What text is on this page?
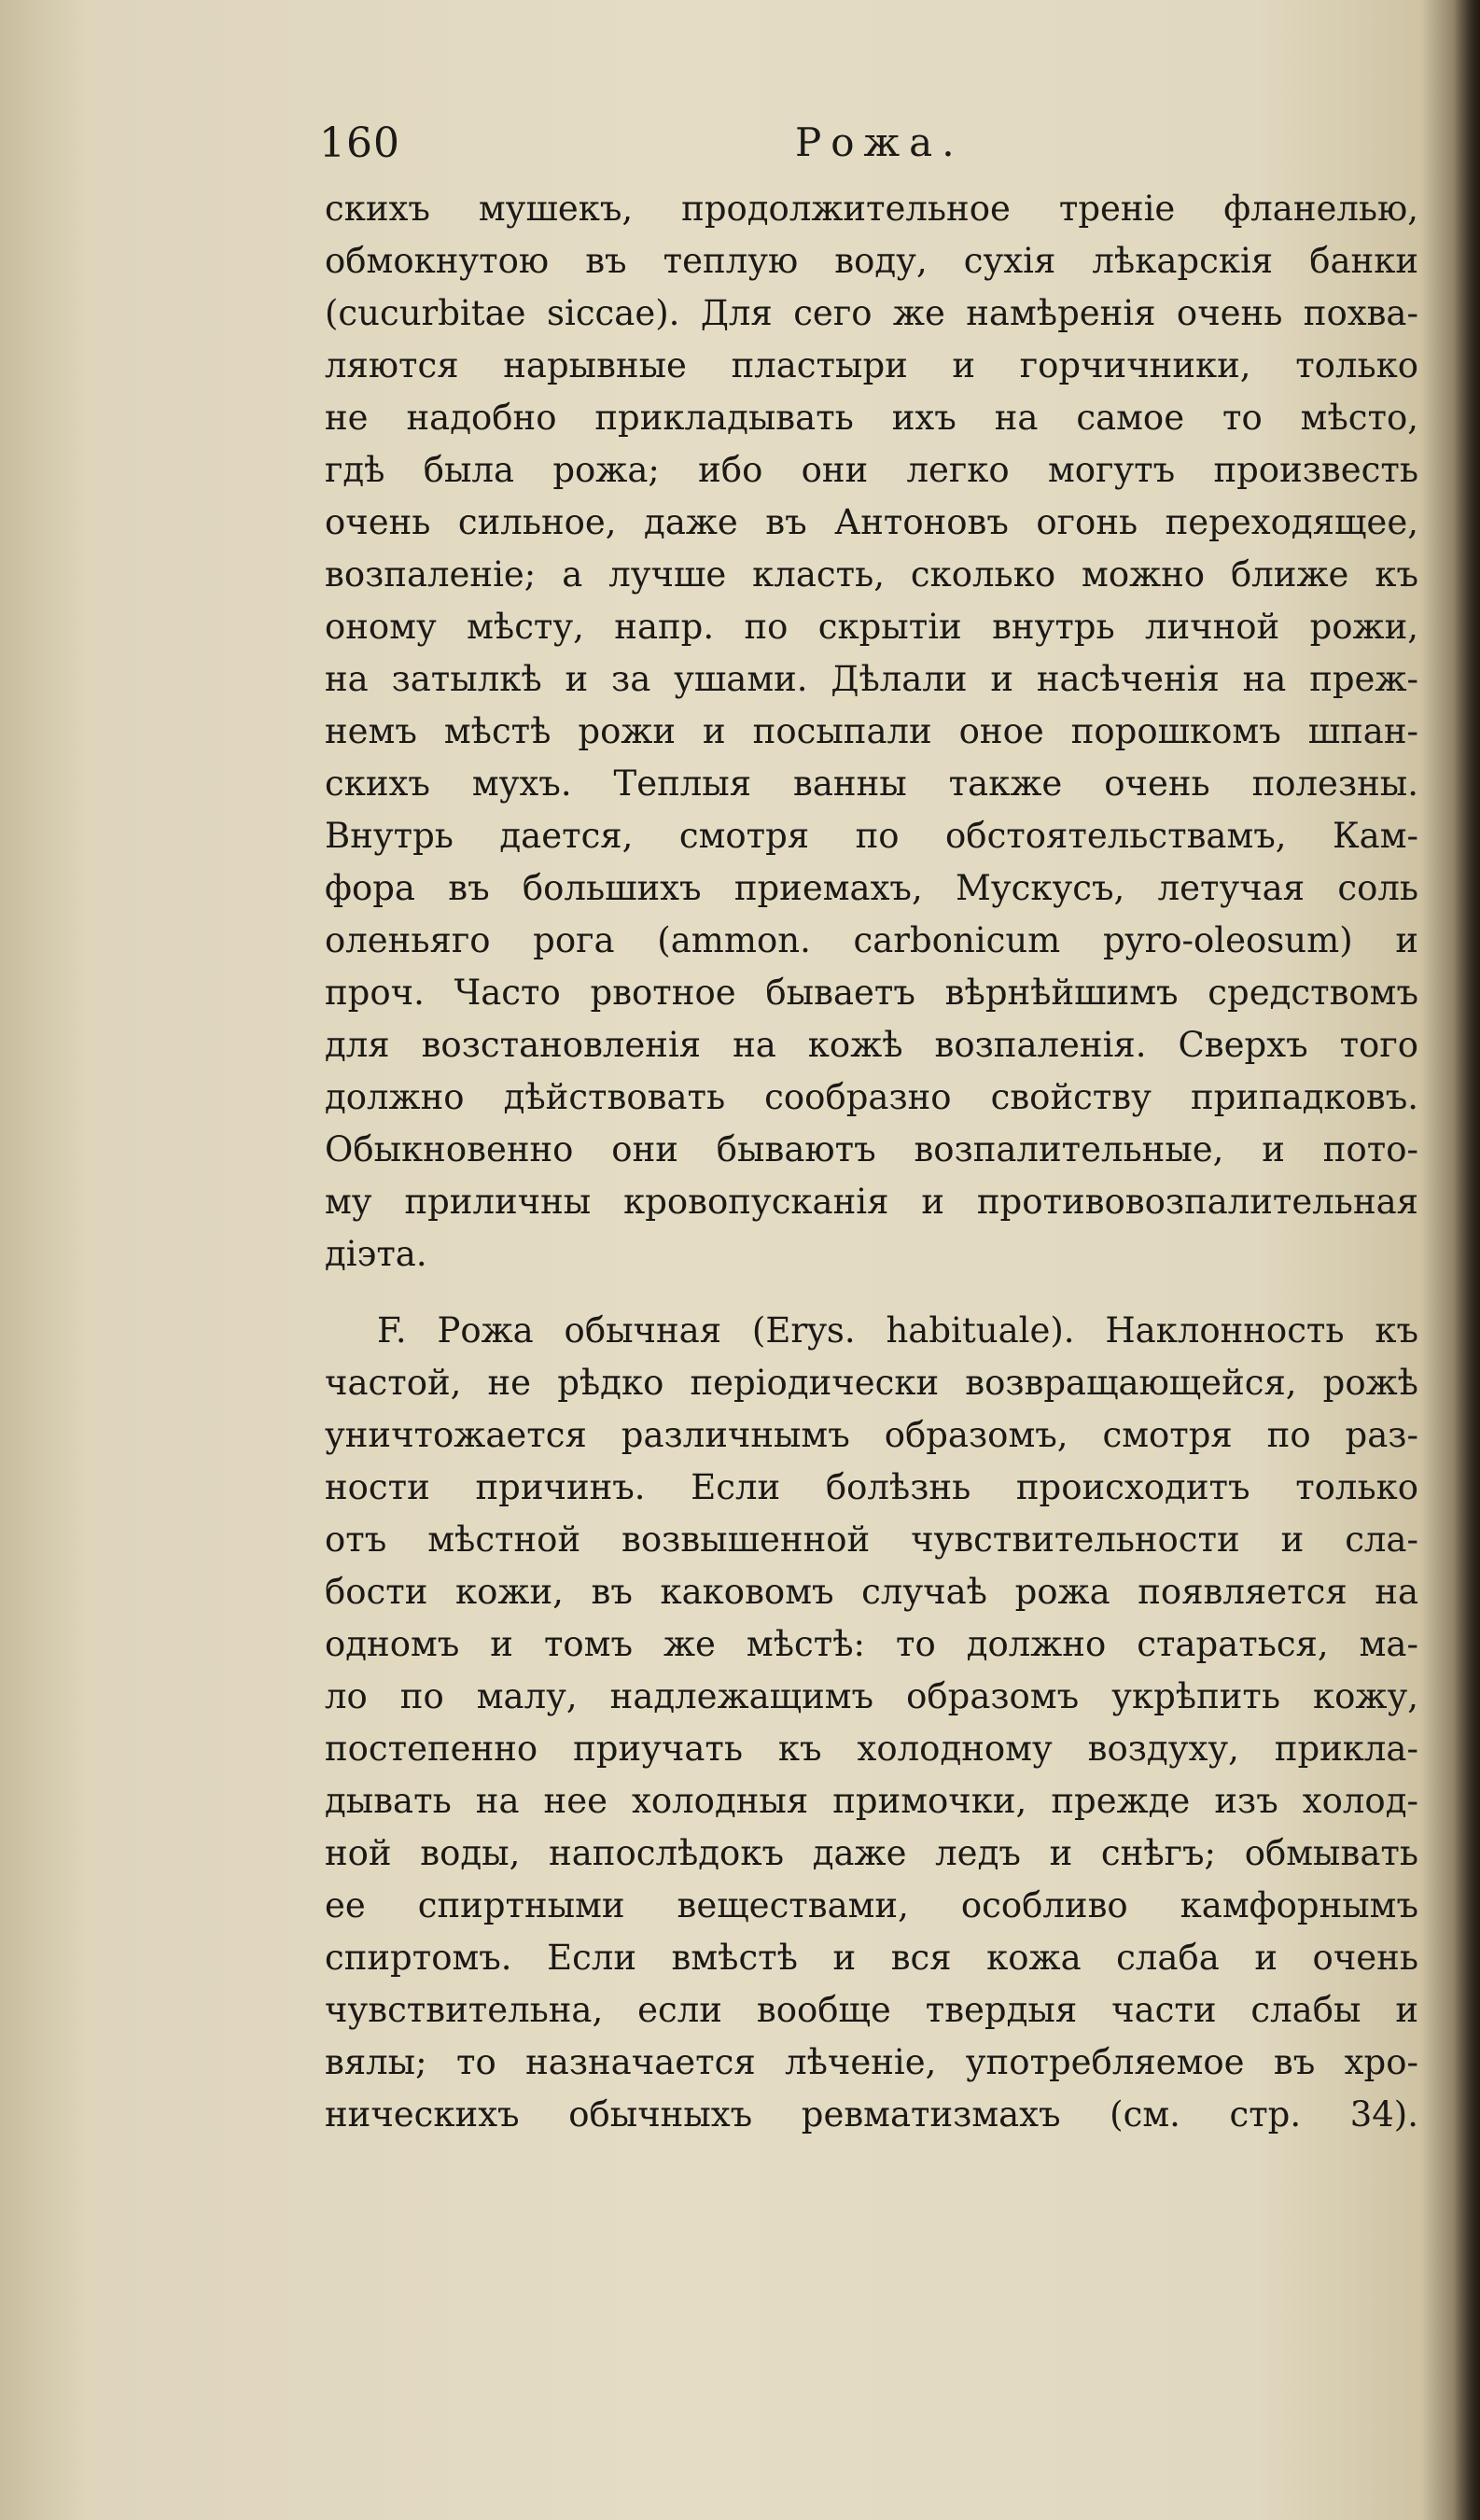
160	Рожа.
скихъ мушекъ, продолжительное треніе фланелью,
обмокнутою въ теплую воду, сухія лѣкарскія банки
(cucurbitae siccae). Для сего же намѣренія очень похва-
ляются нарывные пластыри и горчичники, только
не надобно прикладывать ихъ на самое то мѣсто,
гдѣ была рожа; ибо они легко могутъ произвесть
очень сильное, даже въ Антоновъ огонь переходящее,
возпаленіе; а лучше класть, сколько можно ближе къ
оному мѣсту, напр. по скрытіи внутрь личной рожи,
на затылкѣ и за ушами. Дѣлали и насѣченія на преж-
немъ мѣстѣ рожи и посыпали оное порошкомъ шпан-
скихъ мухъ. Теплыя ванны также очень полезны.
Внутрь дается, смотря по обстоятельствамъ, Кам-
фора въ большихъ приемахъ, Мускусъ, летучая соль
оленьяго рога (ammon. carbonicum pyro-oleosum) и
проч. Часто рвотное бываетъ вѣрнѣйшимъ средствомъ
для возстановленія на кожѣ возпаленія. Сверхъ того
должно дѣйствовать сообразно свойству припадковъ.
Обыкновенно они бываютъ возпалительные, и пото-
му приличны кровопусканія и противовозпалительная
діэта.
F. Рожа обычная (Erys. habituale). Наклонность къ
частой, не рѣдко періодически возвращающейся, рожѣ
уничтожается различнымъ образомъ, смотря по раз-
ности причинъ. Если болѣзнь происходитъ только
отъ мѣстной возвышенной чувствительности и сла-
бости кожи, въ каковомъ случаѣ рожа появляется на
одномъ и томъ же мѣстѣ: то должно стараться, ма-
ло по малу, надлежащимъ образомъ укрѣпить кожу,
постепенно приучать къ холодному воздуху, прикла-
дывать на нее холодныя примочки, прежде изъ холод-
ной воды, напослѣдокъ даже ледъ и снѣгъ; обмывать
ее спиртными веществами, особливо камфорнымъ
спиртомъ. Если вмѣстѣ и вся кожа слаба и очень
чувствительна, если вообще твердыя части слабы и
вялы; то назначается лѣченіе, употребляемое въ хро-
ническихъ обычныхъ ревматизмахъ (см. стр. 34).
